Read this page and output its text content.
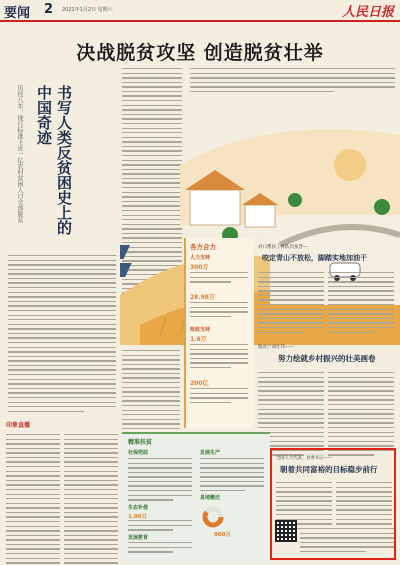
要闻 2 2021年1月2日 星期六	人民日报
决战脱贫攻坚 创造脱贫壮举
历经八年，现行标准下近一亿农村贫困人口全部脱贫	书写人类反贫困史上的中国奇迹
各方合力
人力支持
300万
28.98万
财政支持
1.6万
200亿
对口帮扶工作队员张晋—
咬定青山不放松，脚踏实地加油干
脱贫户刘仕伟——
努力绘就乡村振兴的壮美画卷
印象直播
精准扶贫
社保兜底	发展生产
生态补偿
1.00万
易地搬迁
960万
发展教育
全国人大代表、县委书记——
朝着共同富裕的目标稳步前行
